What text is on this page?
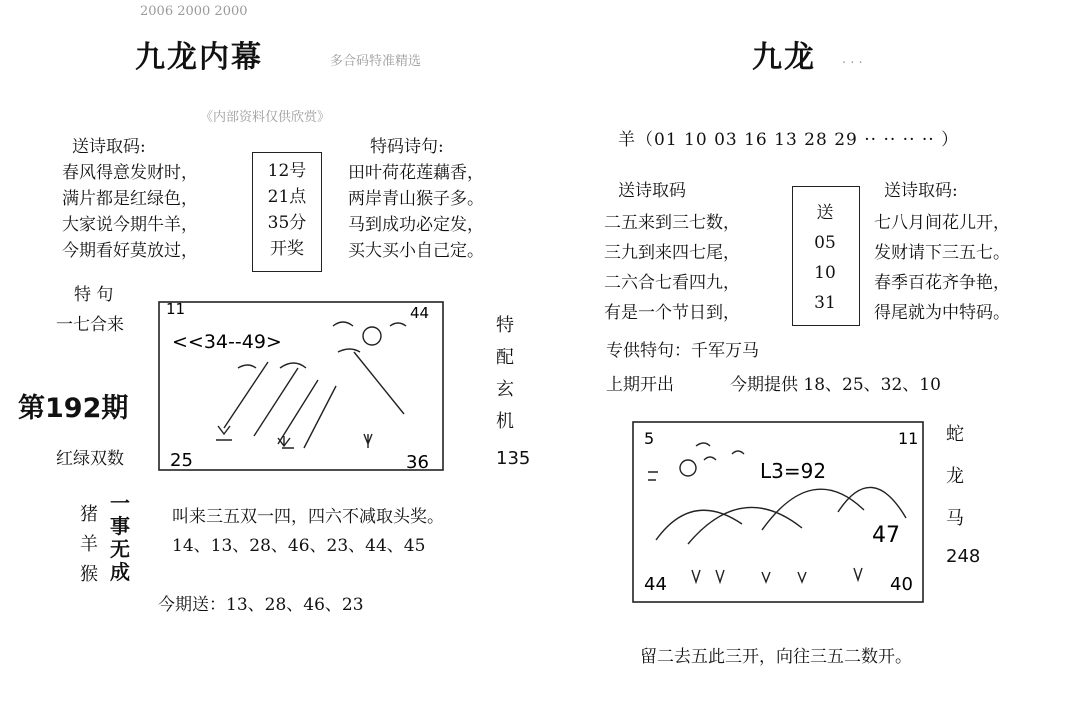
2006 2000 2000
九龙内幕	多合码特准精选
《内部资料仅供欣赏》
送诗取码:
春风得意发财时，
满片都是红绿色，
大家说今期牛羊，
今期看好莫放过，
12号
21点
35分
开奖
特码诗句:
田叶荷花莲藕香，
两岸青山猴子多。
马到成功必定发，
买大买小自己定。
特 句
一七合来
第192期
红绿双数
11	44
25	36
<<34--49>
特
配
玄
机
135
猪
羊
猴
一
事
无
成
叫来三五双一四，四六不减取头奖。
14、13、28、46、23、44、45
今期送：13、28、46、23
九龙 . . .
羊（01 10 03 16 13 28 29 ·· ·· ·· ·· ）
送诗取码	送诗取码:
二五来到三七数，
三九到来四七尾，
二六合七看四九，
有是一个节日到，
送
05
10
31
七八月间花儿开，
发财请下三五七。
春季百花齐争艳，
得尾就为中特码。
专供特句：千军万马
上期开出	今期提供 18、25、32、10
5	11
44	40
47
L3=92
蛇
龙
马
248
留二去五此三开，向往三五二数开。
